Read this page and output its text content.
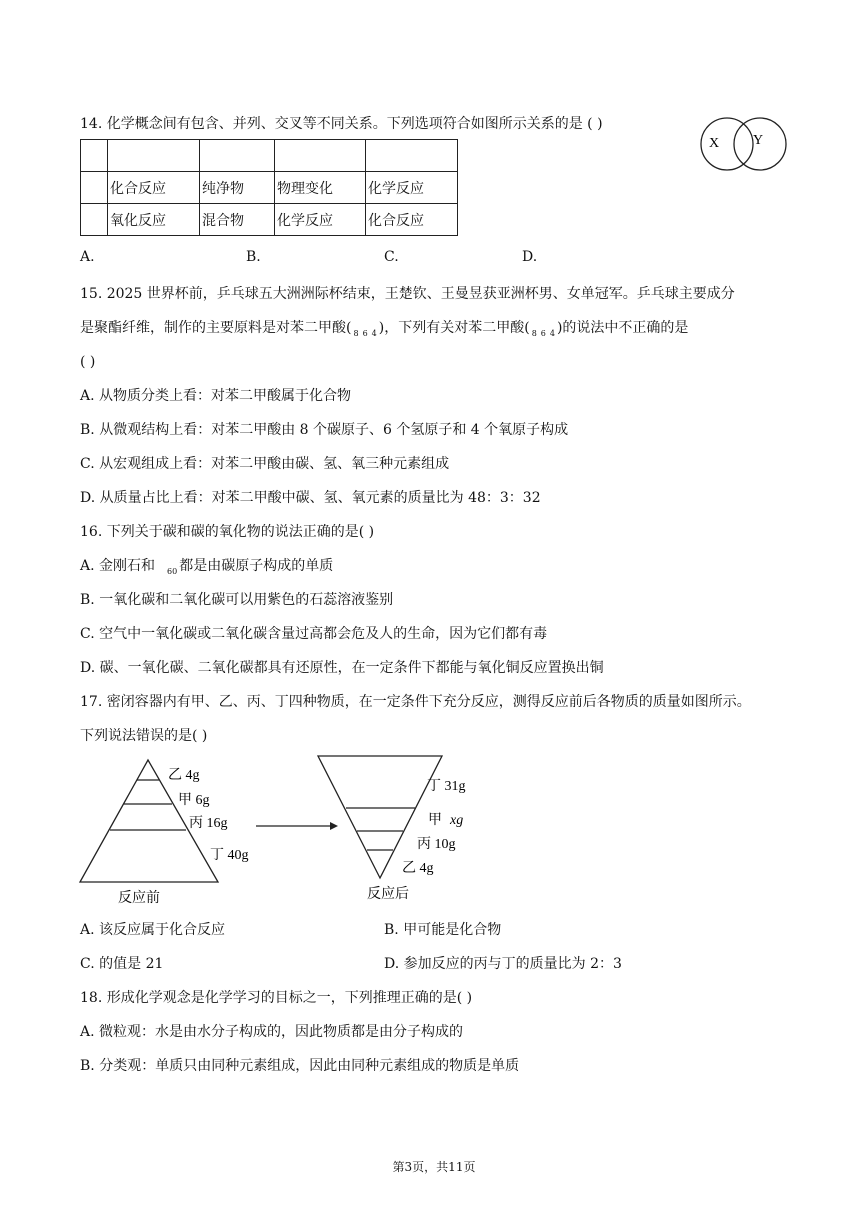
14. 化学概念间有包含、并列、交叉等不同关系。下列选项符合如图所示关系的是 ( )
X Y

	化合反应	纯净物	物理变化	化学反应
	氧化反应	混合物	化学反应	化合反应
A.	B.	C.	D.
15. 2025 世界杯前，乒乓球五大洲洲际杯结束，王楚钦、王曼昱获亚洲杯男、女单冠军。乒乓球主要成分
是聚酯纤维，制作的主要原料是对苯二甲酸( $_8$ $_6$ $_4$ )，下列有关对苯二甲酸( $_8$ $_6$ $_4$ )的说法中不正确的是
( )
A. 从物质分类上看：对苯二甲酸属于化合物
B. 从微观结构上看：对苯二甲酸由 8 个碳原子、6 个氢原子和 4 个氧原子构成
C. 从宏观组成上看：对苯二甲酸由碳、氢、氧三种元素组成
D. 从质量占比上看：对苯二甲酸中碳、氢、氧元素的质量比为 48：3：32
16. 下列关于碳和碳的氧化物的说法正确的是( )
A. 金刚石和 $_{60}$ 都是由碳原子构成的单质
B. 一氧化碳和二氧化碳可以用紫色的石蕊溶液鉴别
C. 空气中一氧化碳或二氧化碳含量过高都会危及人的生命，因为它们都有毒
D. 碳、一氧化碳、二氧化碳都具有还原性，在一定条件下都能与氧化铜反应置换出铜
17. 密闭容器内有甲、乙、丙、丁四种物质，在一定条件下充分反应，测得反应前后各物质的质量如图所示。
下列说法错误的是( )
乙 4g
甲 6g
丙 16g
丁 40g
反应前
丁 31g
甲 xg
丙 10g
乙 4g
反应后
A. 该反应属于化合反应	B. 甲可能是化合物
C. 的值是 21	D. 参加反应的丙与丁的质量比为 2：3
18. 形成化学观念是化学学习的目标之一，下列推理正确的是( )
A. 微粒观：水是由水分子构成的，因此物质都是由分子构成的
B. 分类观：单质只由同种元素组成，因此由同种元素组成的物质是单质
第3页，共11页
